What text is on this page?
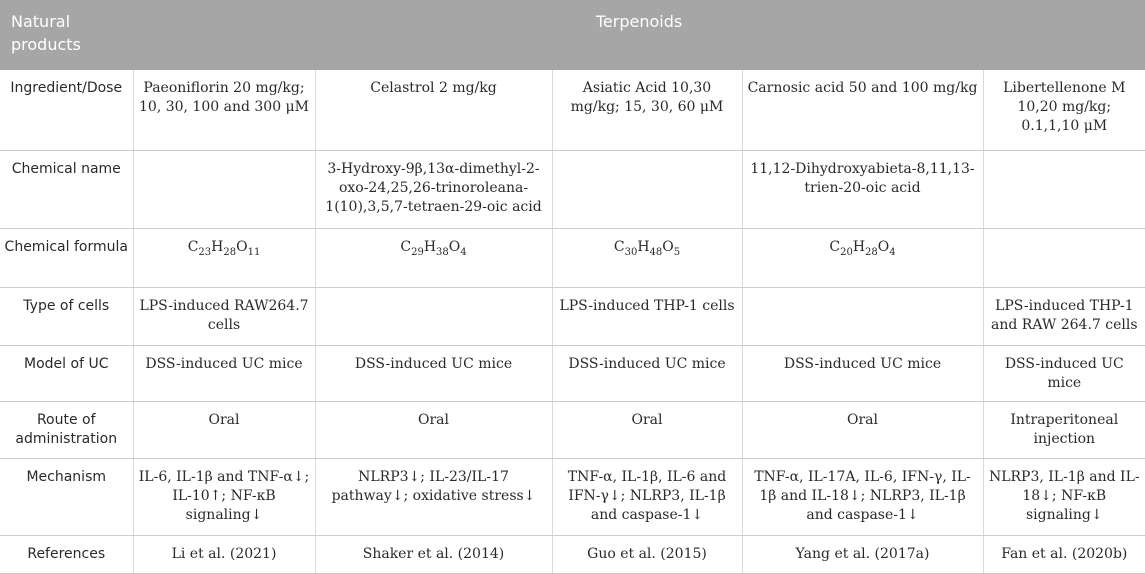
Natural products	Terpenoids				
Ingredient/Dose	Paeoniflorin 20 mg/kg; 10, 30, 100 and 300 μM	Celastrol 2 mg/kg	Asiatic Acid 10,30 mg/kg; 15, 30, 60 μM	Carnosic acid 50 and 100 mg/kg	Libertellenone M 10,20 mg/kg; 0.1,1,10 μM
Chemical name		3-Hydroxy-9β,13α-dimethyl-2-oxo-24,25,26-trinoroleana-1(10),3,5,7-tetraen-29-oic acid		11,12-Dihydroxyabieta-8,11,13-trien-20-oic acid	
Chemical formula	$C_{23}H_{28}O_{11}$	$C_{29}H_{38}O_4$	$C_{30}H_{48}O_5$	$C_{20}H_{28}O_4$	
Type of cells	LPS-induced RAW264.7 cells		LPS-induced THP-1 cells		LPS-induced THP-1 and RAW 264.7 cells
Model of UC	DSS-induced UC mice	DSS-induced UC mice	DSS-induced UC mice	DSS-induced UC mice	DSS-induced UC mice
Route of administration	Oral	Oral	Oral	Oral	Intraperitoneal injection
Mechanism	IL-6, IL-1β and TNF-α↓; IL-10↑; NF-κB signaling↓	NLRP3↓; IL-23/IL-17 pathway↓; oxidative stress↓	TNF-α, IL-1β, IL-6 and IFN-γ↓; NLRP3, IL-1β and caspase-1↓	TNF-α, IL-17A, IL-6, IFN-γ, IL-1β and IL-18↓; NLRP3, IL-1β and caspase-1↓	NLRP3, IL-1β and IL-18↓; NF-κB signaling↓
References	Li et al. (2021)	Shaker et al. (2014)	Guo et al. (2015)	Yang et al. (2017a)	Fan et al. (2020b)
